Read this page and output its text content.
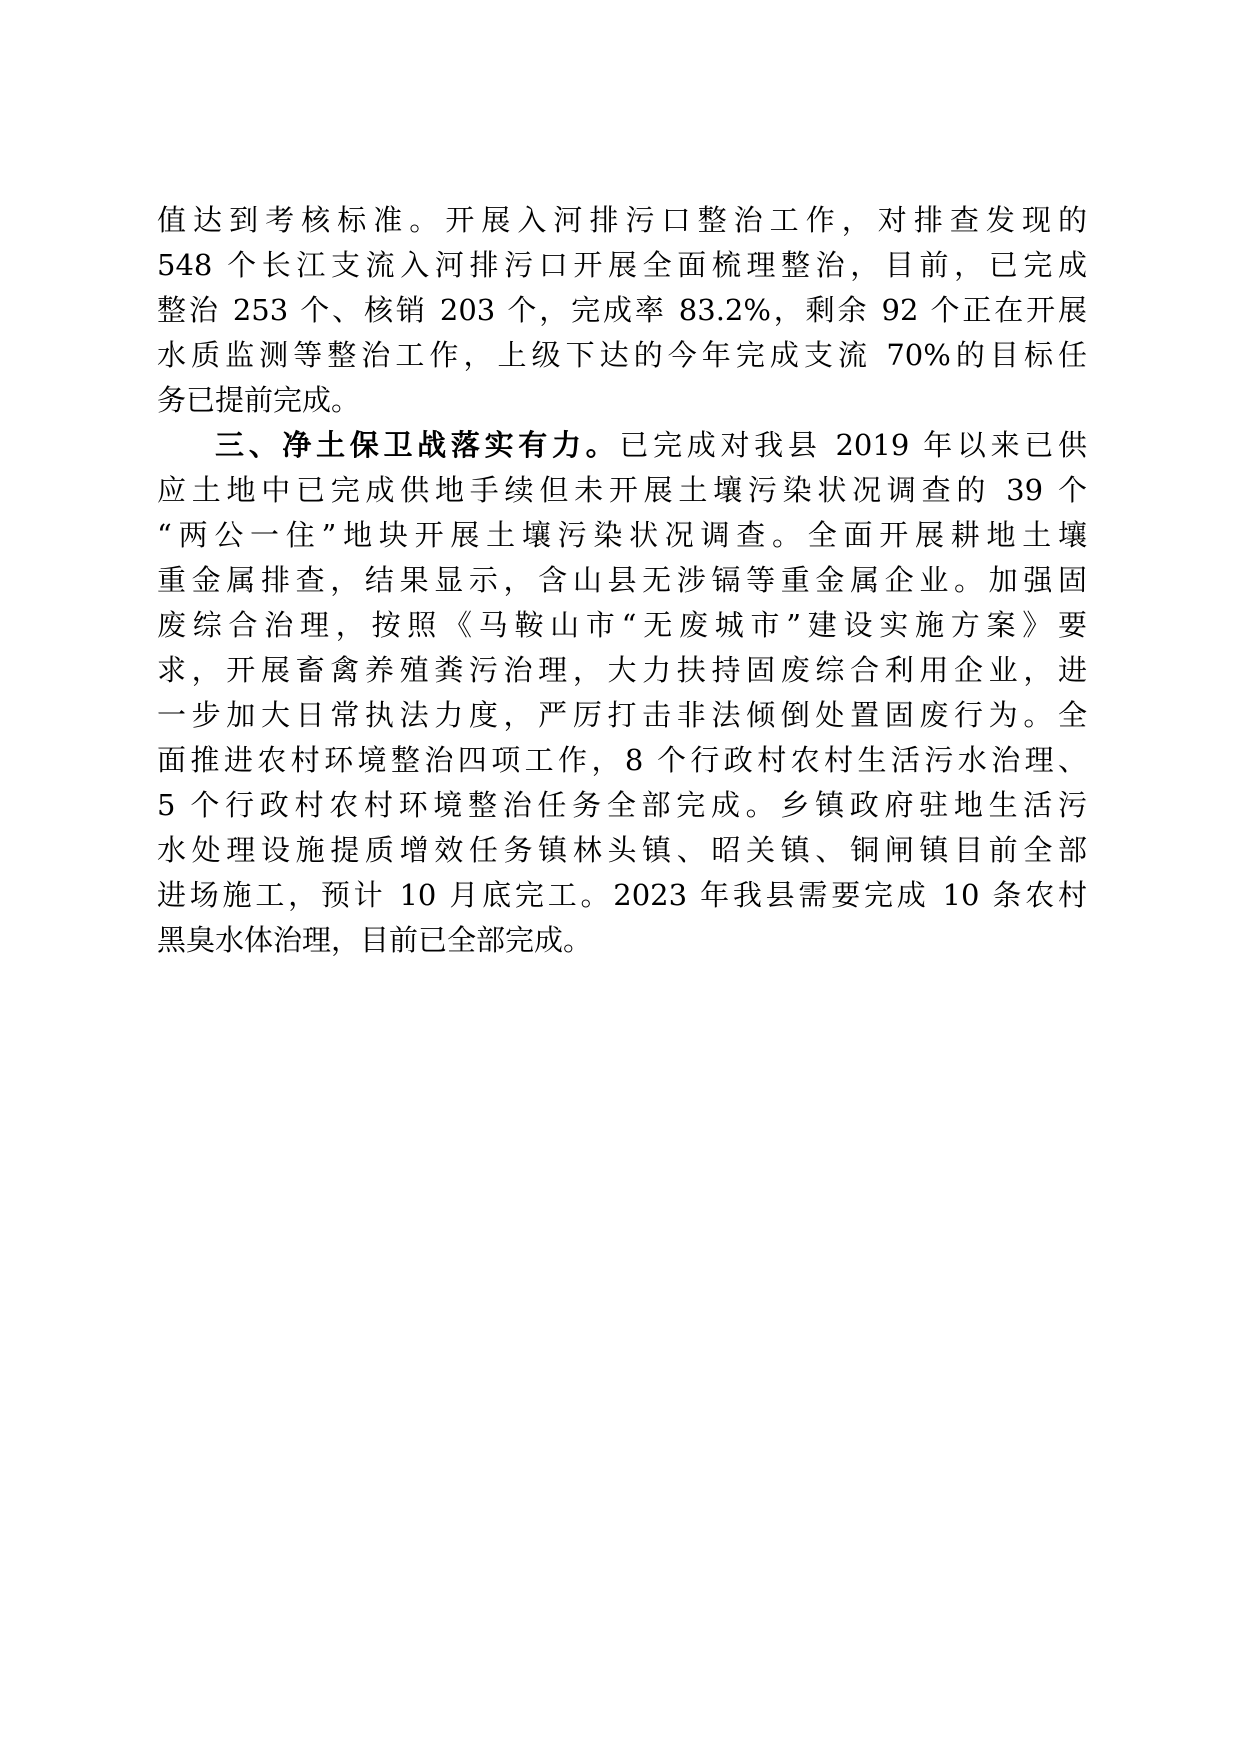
值达到考核标准。开展入河排污口整治工作，对排查发现的
548 个长江支流入河排污口开展全面梳理整治，目前，已完成
整治 253 个、核销 203 个，完成率 83.2%，剩余 92 个正在开展
水质监测等整治工作，上级下达的今年完成支流 70%的目标任
务已提前完成。
三、净土保卫战落实有力。已完成对我县 2019 年以来已供
应土地中已完成供地手续但未开展土壤污染状况调查的 39 个
“两公一住”地块开展土壤污染状况调查。全面开展耕地土壤
重金属排查，结果显示，含山县无涉镉等重金属企业。加强固
废综合治理，按照《马鞍山市“无废城市”建设实施方案》要
求，开展畜禽养殖粪污治理，大力扶持固废综合利用企业，进
一步加大日常执法力度，严厉打击非法倾倒处置固废行为。全
面推进农村环境整治四项工作，8 个行政村农村生活污水治理、
5 个行政村农村环境整治任务全部完成。乡镇政府驻地生活污
水处理设施提质增效任务镇林头镇、昭关镇、铜闸镇目前全部
进场施工，预计 10 月底完工。2023 年我县需要完成 10 条农村
黑臭水体治理，目前已全部完成。
